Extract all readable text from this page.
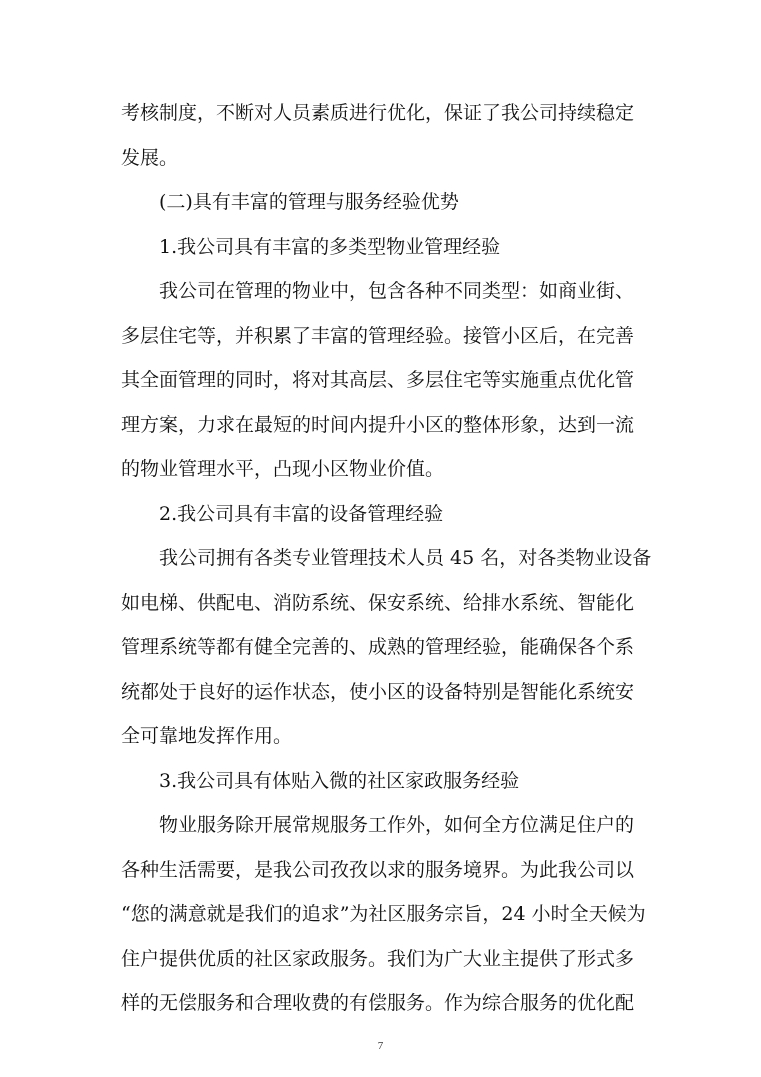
考核制度，不断对人员素质进行优化，保证了我公司持续稳定
发展。
(二)具有丰富的管理与服务经验优势
1.我公司具有丰富的多类型物业管理经验
我公司在管理的物业中，包含各种不同类型：如商业街、
多层住宅等，并积累了丰富的管理经验。接管小区后，在完善
其全面管理的同时，将对其高层、多层住宅等实施重点优化管
理方案，力求在最短的时间内提升小区的整体形象，达到一流
的物业管理水平，凸现小区物业价值。
2.我公司具有丰富的设备管理经验
我公司拥有各类专业管理技术人员 45 名，对各类物业设备
如电梯、供配电、消防系统、保安系统、给排水系统、智能化
管理系统等都有健全完善的、成熟的管理经验，能确保各个系
统都处于良好的运作状态，使小区的设备特别是智能化系统安
全可靠地发挥作用。
3.我公司具有体贴入微的社区家政服务经验
物业服务除开展常规服务工作外，如何全方位满足住户的
各种生活需要，是我公司孜孜以求的服务境界。为此我公司以
“您的满意就是我们的追求”为社区服务宗旨，24 小时全天候为
住户提供优质的社区家政服务。我们为广大业主提供了形式多
样的无偿服务和合理收费的有偿服务。作为综合服务的优化配
7
